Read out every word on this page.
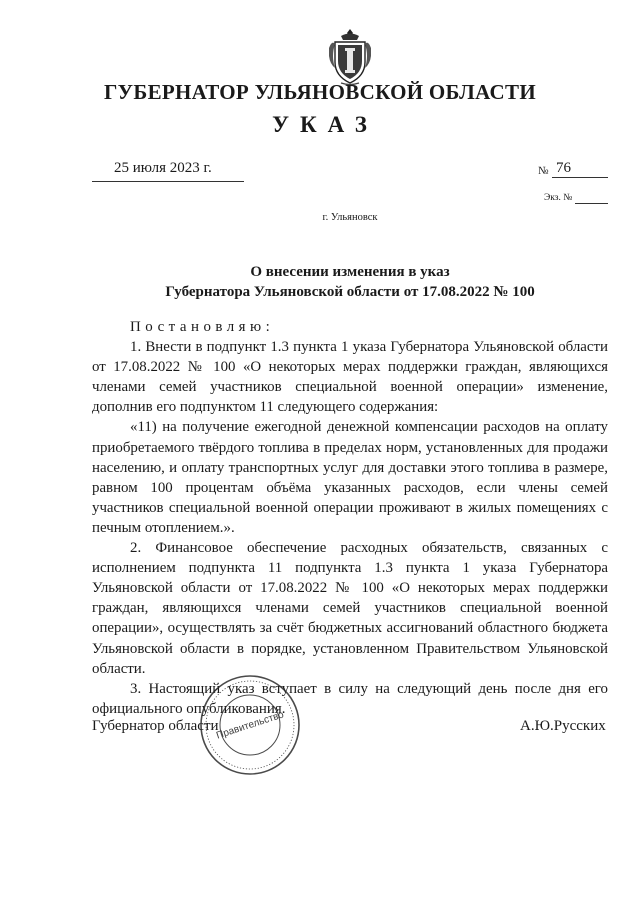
ГУБЕРНАТОР УЛЬЯНОВСКОЙ ОБЛАСТИ
УКАЗ
25 июля 2023 г.	№ 76
Экз. №
г. Ульяновск
О внесении изменения в указ
Губернатора Ульяновской области от 17.08.2022 № 100

Постановляю:

1. Внести в подпункт 1.3 пункта 1 указа Губернатора Ульяновской области от 17.08.2022 № 100 «О некоторых мерах поддержки граждан, являющихся членами семей участников специальной военной операции» изменение, дополнив его подпунктом 11 следующего содержания:

«11) на получение ежегодной денежной компенсации расходов на оплату приобретаемого твёрдого топлива в пределах норм, установленных для продажи населению, и оплату транспортных услуг для доставки этого топлива в размере, равном 100 процентам объёма указанных расходов, если члены семей участников специальной военной операции проживают в жилых помещениях с печным отоплением.».

2. Финансовое обеспечение расходных обязательств, связанных с исполнением подпункта 11 подпункта 1.3 пункта 1 указа Губернатора Ульяновской области от 17.08.2022 № 100 «О некоторых мерах поддержки граждан, являющихся членами семей участников специальной военной операции», осуществлять за счёт бюджетных ассигнований областного бюджета Ульяновской области в порядке, установленном Правительством Ульяновской области.

3. Настоящий указ вступает в силу на следующий день после дня его официального опубликования.

Губернатор области	А.Ю.Русских
Правительство
